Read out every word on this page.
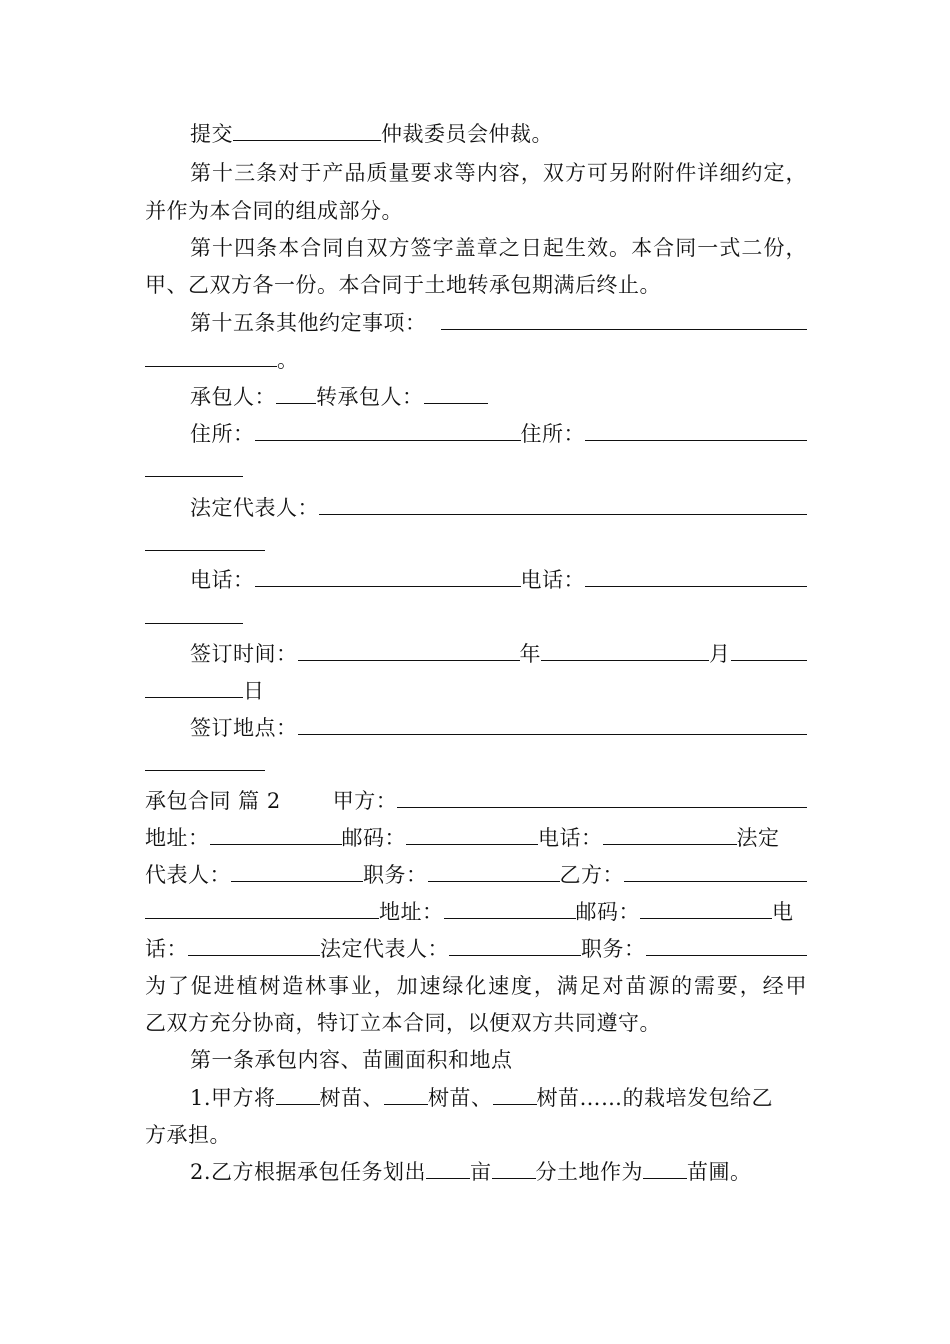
提交	仲裁委员会仲裁。
第十三条对于产品质量要求等内容，双方可另附附件详细约定，
并作为本合同的组成部分。
第十四条本合同自双方签字盖章之日起生效。本合同一式二份，
甲、乙双方各一份。本合同于土地转承包期满后终止。
第十五条其他约定事项：
。
承包人： 转承包人：
住所：	住所：
法定代表人：
电话：	电话：
签订时间：	年	月
日
签订地点：
承包合同 篇 2 甲方：
地址：	邮码：	电话：	法定
代表人：	职务：	乙方：
地址：	邮码：	电
话：	法定代表人：	职务：
为了促进植树造林事业，加速绿化速度，满足对苗源的需要，经甲
乙双方充分协商，特订立本合同，以便双方共同遵守。
第一条承包内容、苗圃面积和地点
1.甲方将 树苗、 树苗、 树苗……的栽培发包给乙
方承担。
2.乙方根据承包任务划出 亩 分土地作为 苗圃。
